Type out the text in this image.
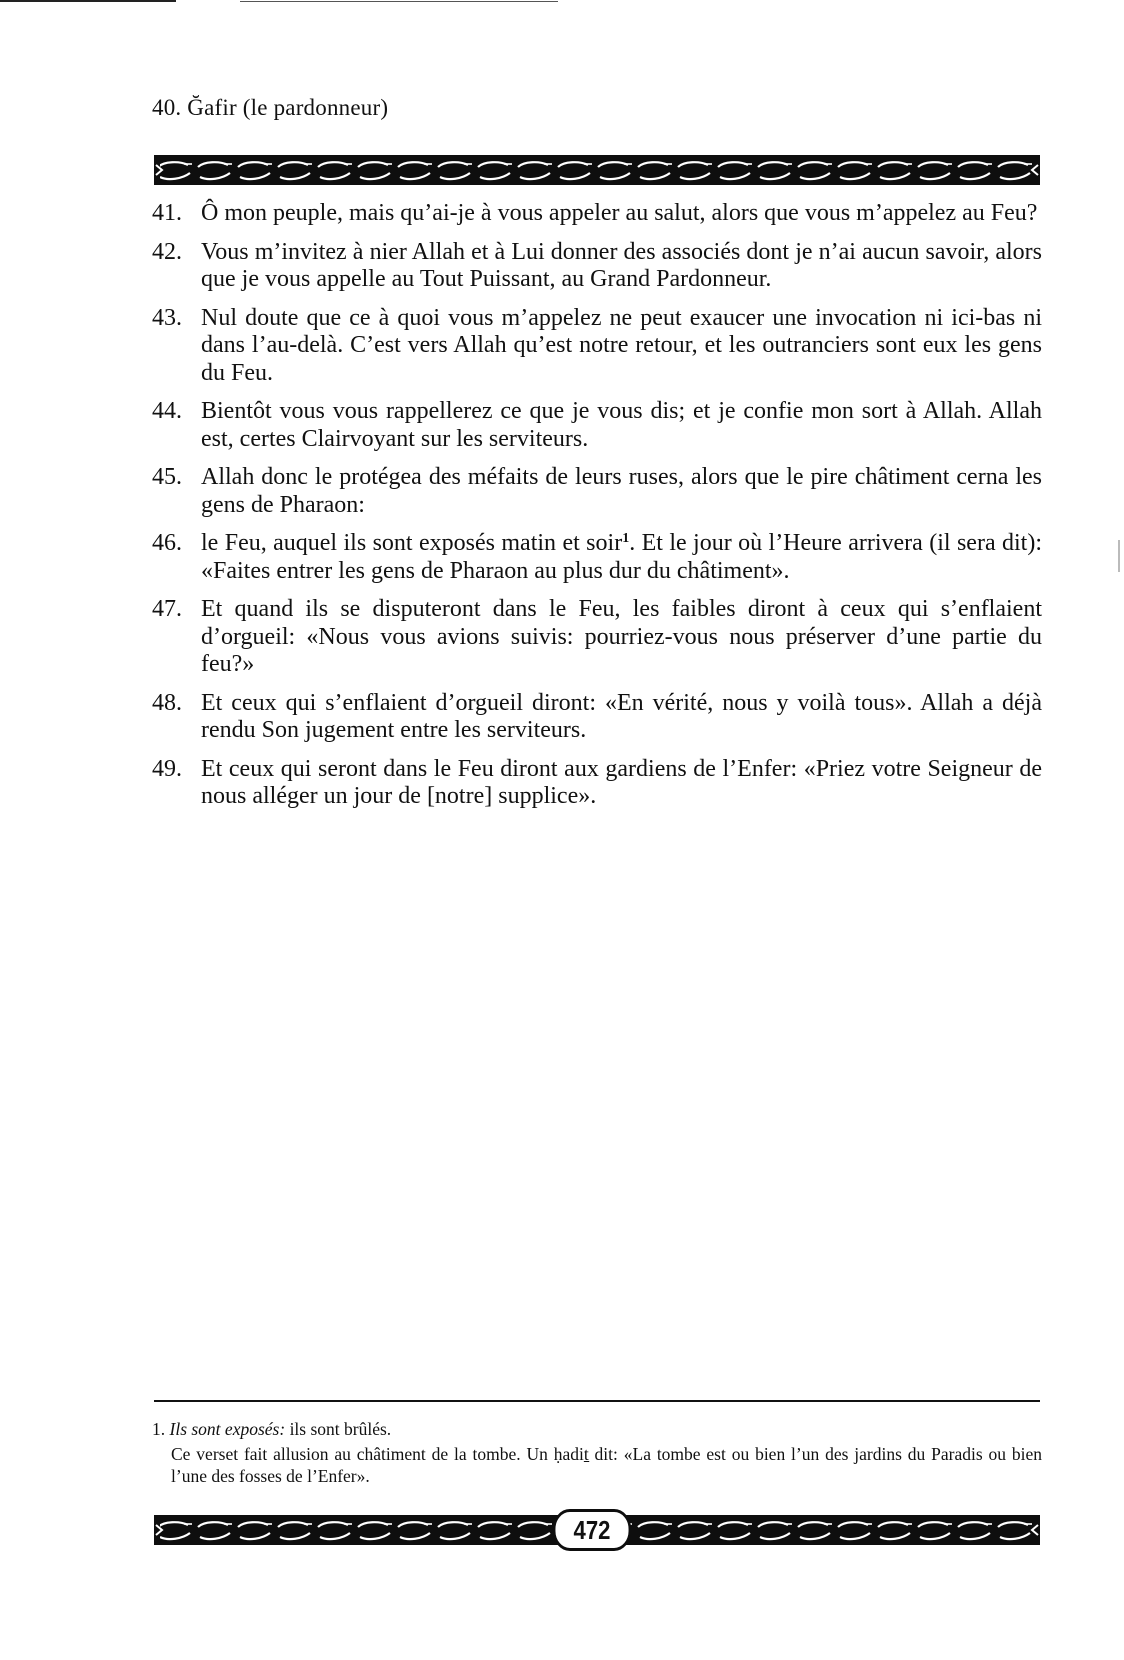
40. Ğafir (le pardonneur)
41. Ô mon peuple, mais qu’ai-je à vous appeler au salut, alors que vous m’appelez au Feu?
42. Vous m’invitez à nier Allah et à Lui donner des associés dont je n’ai aucun savoir, alors que je vous appelle au Tout Puissant, au Grand Pardonneur.
43. Nul doute que ce à quoi vous m’appelez ne peut exaucer une invocation ni ici-bas ni dans l’au-delà. C’est vers Allah qu’est notre retour, et les outranciers sont eux les gens du Feu.
44. Bientôt vous vous rappellerez ce que je vous dis; et je confie mon sort à Allah. Allah est, certes Clairvoyant sur les serviteurs.
45. Allah donc le protégea des méfaits de leurs ruses, alors que le pire châtiment cerna les gens de Pharaon:
46. le Feu, auquel ils sont exposés matin et soir$^1$. Et le jour où l’Heure arrivera (il sera dit): «Faites entrer les gens de Pharaon au plus dur du châtiment».
47. Et quand ils se disputeront dans le Feu, les faibles diront à ceux qui s’enflaient d’orgueil: «Nous vous avions suivis: pourriez-vous nous préserver d’une partie du feu?»
48. Et ceux qui s’enflaient d’orgueil diront: «En vérité, nous y voilà tous». Allah a déjà rendu Son jugement entre les serviteurs.
49. Et ceux qui seront dans le Feu diront aux gardiens de l’Enfer: «Priez votre Seigneur de nous alléger un jour de [notre] supplice».

1. Ils sont exposés: ils sont brûlés.

Ce verset fait allusion au châtiment de la tombe. Un ḥadiṯ dit: «La tombe est ou bien l’un des jardins du Paradis ou bien l’une des fosses de l’Enfer».

472
